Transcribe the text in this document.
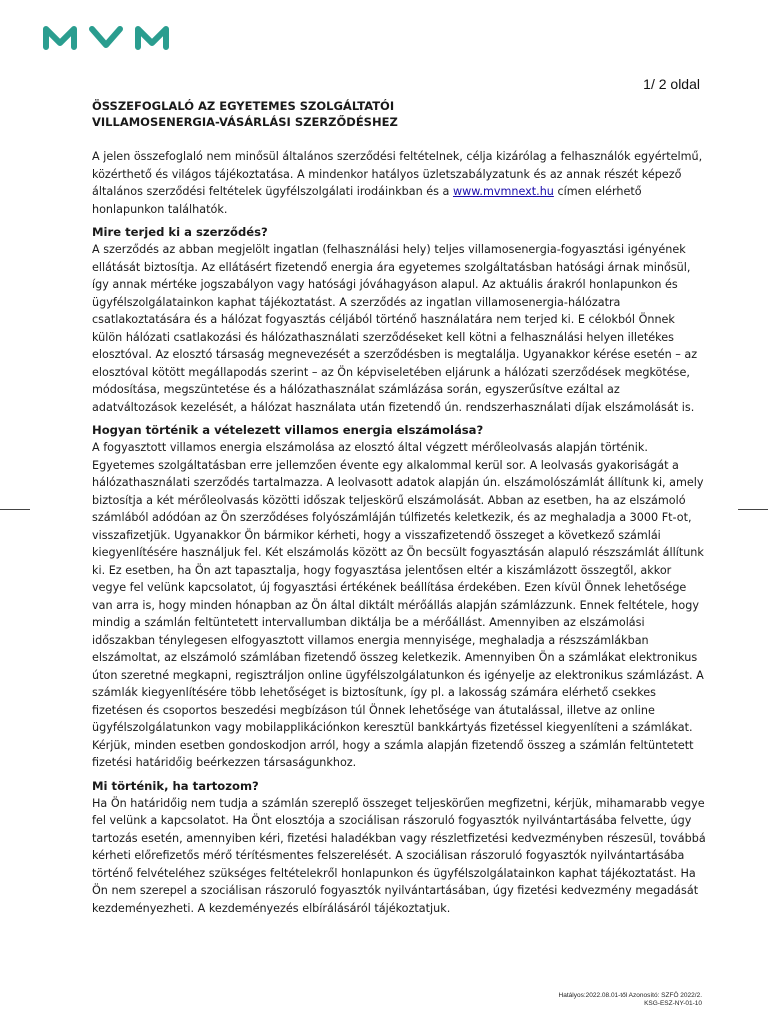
1/ 2 oldal
ÖSSZEFOGLALÓ AZ EGYETEMES SZOLGÁLTATÓI
VILLAMOSENERGIA-VÁSÁRLÁSI SZERZŐDÉSHEZ

A jelen összefoglaló nem minősül általános szerződési feltételnek, célja kizárólag a felhasználók egyértelmű, közérthető és világos tájékoztatása. A mindenkor hatályos üzletszabályzatunk és az annak részét képező általános szerződési feltételek ügyfélszolgálati irodáinkban és a www.mvmnext.hu címen elérhető honlapunkon találhatók.

Mire terjed ki a szerződés?

A szerződés az abban megjelölt ingatlan (felhasználási hely) teljes villamosenergia-fogyasztási igényének ellátását biztosítja. Az ellátásért fizetendő energia ára egyetemes szolgáltatásban hatósági árnak minősül, így annak mértéke jogszabályon vagy hatósági jóváhagyáson alapul. Az aktuális árakról honlapunkon és ügyfélszolgálatainkon kaphat tájékoztatást. A szerződés az ingatlan villamosenergia-hálózatra csatlakoztatására és a hálózat fogyasztás céljából történő használatára nem terjed ki. E célokból Önnek külön hálózati csatlakozási és hálózathasználati szerződéseket kell kötni a felhasználási helyen illetékes elosztóval. Az elosztó társaság megnevezését a szerződésben is megtalálja. Ugyanakkor kérése esetén – az elosztóval kötött megállapodás szerint – az Ön képviseletében eljárunk a hálózati szerződések megkötése, módosítása, megszüntetése és a hálózathasználat számlázása során, egyszerűsítve ezáltal az adatváltozások kezelését, a hálózat használata után fizetendő ún. rendszerhasználati díjak elszámolását is.

Hogyan történik a vételezett villamos energia elszámolása?

A fogyasztott villamos energia elszámolása az elosztó által végzett mérőleolvasás alapján történik. Egyetemes szolgáltatásban erre jellemzően évente egy alkalommal kerül sor. A leolvasás gyakoriságát a hálózathasználati szerződés tartalmazza. A leolvasott adatok alapján ún. elszámolószámlát állítunk ki, amely biztosítja a két mérőleolvasás közötti időszak teljeskörű elszámolását. Abban az esetben, ha az elszámoló számlából adódóan az Ön szerződéses folyószámláján túlfizetés keletkezik, és az meghaladja a 3000 Ft-ot, visszafizetjük. Ugyanakkor Ön bármikor kérheti, hogy a visszafizetendő összeget a következő számlái kiegyenlítésére használjuk fel. Két elszámolás között az Ön becsült fogyasztásán alapuló részszámlát állítunk ki. Ez esetben, ha Ön azt tapasztalja, hogy fogyasztása jelentősen eltér a kiszámlázott összegtől, akkor vegye fel velünk kapcsolatot, új fogyasztási értékének beállítása érdekében. Ezen kívül Önnek lehetősége van arra is, hogy minden hónapban az Ön által diktált mérőállás alapján számlázzunk. Ennek feltétele, hogy mindig a számlán feltüntetett intervallumban diktálja be a mérőállást. Amennyiben az elszámolási időszakban ténylegesen elfogyasztott villamos energia mennyisége, meghaladja a részszámlákban elszámoltat, az elszámoló számlában fizetendő összeg keletkezik. Amennyiben Ön a számlákat elektronikus úton szeretné megkapni, regisztráljon online ügyfélszolgálatunkon és igényelje az elektronikus számlázást. A számlák kiegyenlítésére több lehetőséget is biztosítunk, így pl. a lakosság számára elérhető csekkes fizetésen és csoportos beszedési megbízáson túl Önnek lehetősége van átutalással, illetve az online ügyfélszolgálatunkon vagy mobilapplikációnkon keresztül bankkártyás fizetéssel kiegyenlíteni a számlákat. Kérjük, minden esetben gondoskodjon arról, hogy a számla alapján fizetendő összeg a számlán feltüntetett fizetési határidőig beérkezzen társaságunkhoz.

Mi történik, ha tartozom?

Ha Ön határidőig nem tudja a számlán szereplő összeget teljeskörűen megfizetni, kérjük, mihamarabb vegye fel velünk a kapcsolatot. Ha Önt elosztója a szociálisan rászoruló fogyasztók nyilvántartásába felvette, úgy tartozás esetén, amennyiben kéri, fizetési haladékban vagy részletfizetési kedvezményben részesül, továbbá kérheti előrefizetős mérő térítésmentes felszerelését. A szociálisan rászoruló fogyasztók nyilvántartásába történő felvételéhez szükséges feltételekről honlapunkon és ügyfélszolgálatainkon kaphat tájékoztatást. Ha Ön nem szerepel a szociálisan rászoruló fogyasztók nyilvántartásában, úgy fizetési kedvezmény megadását kezdeményezheti. A kezdeményezés elbírálásáról tájékoztatjuk.

Hatályos:2022.08.01-től Azonosító: SZFÖ 2022/2.
KSG-ESZ-NY-01-10
